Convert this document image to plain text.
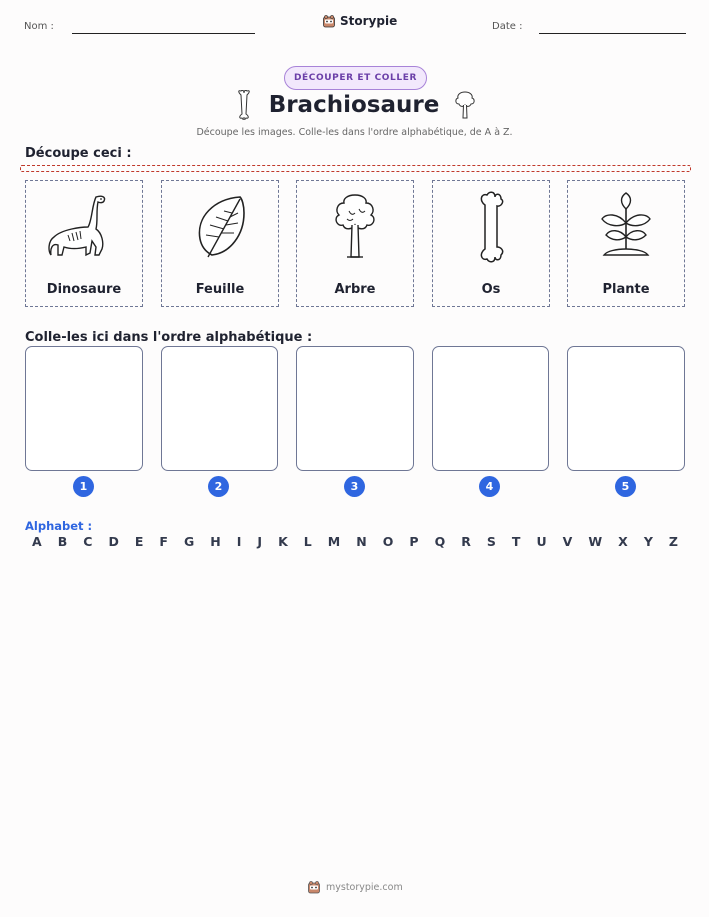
Nom :	Storypie	Date :
DÉCOUPER ET COLLER
Brachiosaure
Découpe les images. Colle-les dans l'ordre alphabétique, de A à Z.
Découpe ceci :
Dinosaure	Feuille	Arbre	Os	Plante
Colle-les ici dans l'ordre alphabétique :
1	2	3	4	5
Alphabet :
A B C D E F G H I J K L M N O P Q R S T U V W X Y Z
mystorypie.com
